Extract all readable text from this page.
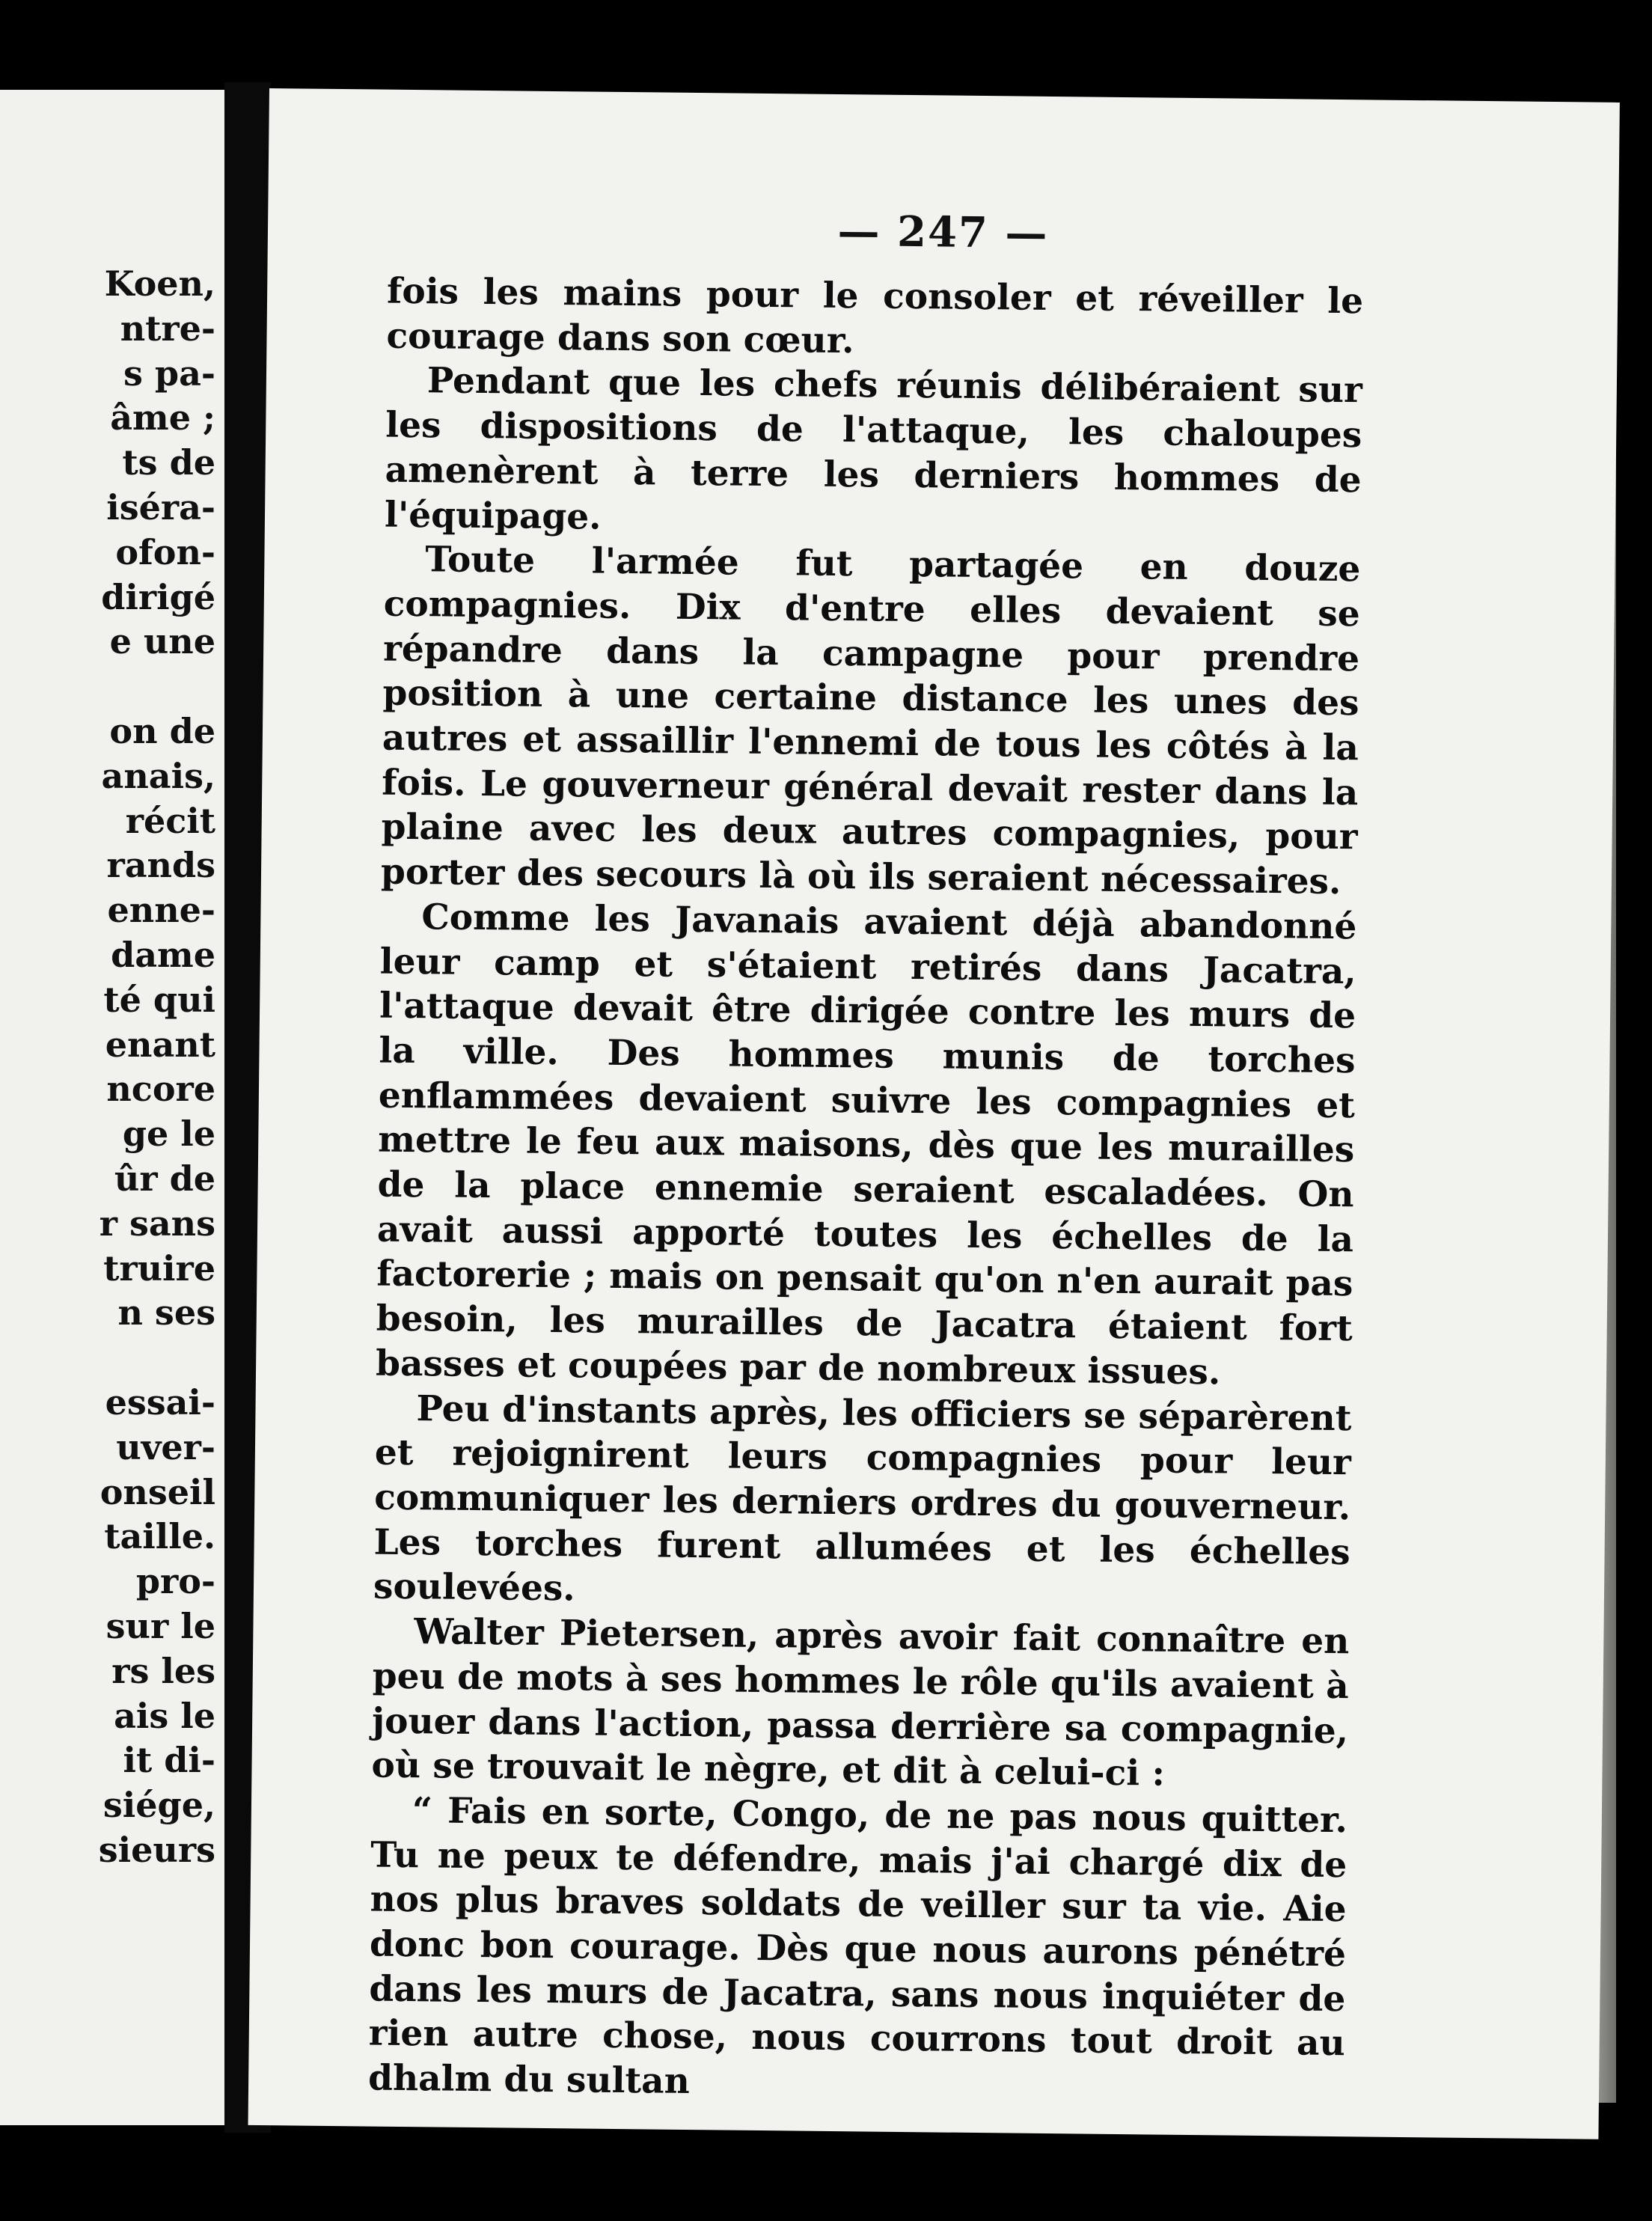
Koen,
ntre-
s pa-
âme ;
ts de
iséra-
ofon-
dirigé
e une
on de
anais,
récit
rands
enne-
dame
té qui
enant
ncore
ge le
ûr de
r sans
truire
n ses
essai-
uver-
onseil
taille.
pro-
sur le
rs les
ais le
it di-
siége,
sieurs
— 247 —

fois les mains pour le consoler et réveiller le courage dans son cœur.

Pendant que les chefs réunis délibéraient sur les dispositions de l'attaque, les chaloupes amenèrent à terre les derniers hommes de l'équipage.

Toute l'armée fut partagée en douze compagnies. Dix d'entre elles devaient se répandre dans la campagne pour prendre position à une certaine distance les unes des autres et assaillir l'ennemi de tous les côtés à la fois. Le gouverneur général devait rester dans la plaine avec les deux autres compagnies, pour porter des secours là où ils seraient nécessaires.

Comme les Javanais avaient déjà abandonné leur camp et s'étaient retirés dans Jacatra, l'attaque devait être dirigée contre les murs de la ville. Des hommes munis de torches enflammées devaient suivre les compagnies et mettre le feu aux maisons, dès que les murailles de la place ennemie seraient escaladées. On avait aussi apporté toutes les échelles de la factorerie ; mais on pensait qu'on n'en aurait pas besoin, les murailles de Jacatra étaient fort basses et coupées par de nombreux issues.

Peu d'instants après, les officiers se séparèrent et rejoignirent leurs compagnies pour leur communiquer les derniers ordres du gouverneur. Les torches furent allumées et les échelles soulevées.

Walter Pietersen, après avoir fait connaître en peu de mots à ses hommes le rôle qu'ils avaient à jouer dans l'action, passa derrière sa compagnie, où se trouvait le nègre, et dit à celui-ci :

“ Fais en sorte, Congo, de ne pas nous quitter. Tu ne peux te défendre, mais j'ai chargé dix de nos plus braves soldats de veiller sur ta vie. Aie donc bon courage. Dès que nous aurons pénétré dans les murs de Jacatra, sans nous inquiéter de rien autre chose, nous courrons tout droit au dhalm du sultan
